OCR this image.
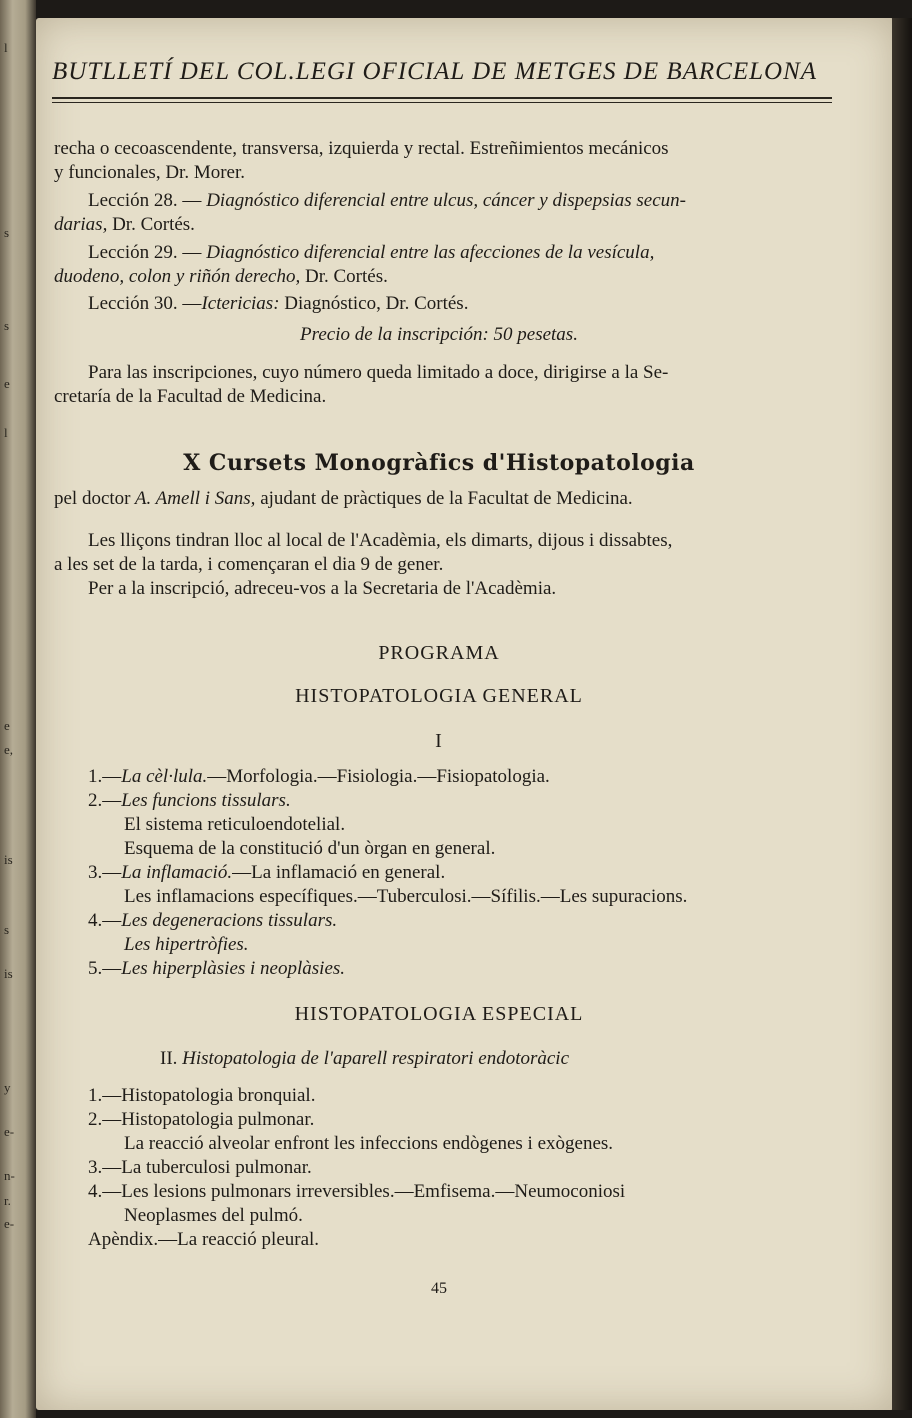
l
s
s
e
l
e
e,
is
s
is
y
e-
n-
r.
e-
BUTLLETÍ DEL COL.LEGI OFICIAL DE METGES DE BARCELONA
recha o cecoascendente, transversa, izquierda y rectal. Estreñimientos mecánicos
y funcionales, Dr. Morer.
Lección 28. — Diagnóstico diferencial entre ulcus, cáncer y dispepsias secun-
darias, Dr. Cortés.
Lección 29. — Diagnóstico diferencial entre las afecciones de la vesícula,
duodeno, colon y riñón derecho, Dr. Cortés.
Lección 30. —Ictericias: Diagnóstico, Dr. Cortés.
Precio de la inscripción: 50 pesetas.
Para las inscripciones, cuyo número queda limitado a doce, dirigirse a la Se-
cretaría de la Facultad de Medicina.
X Cursets Monogràfics d'Histopatologia
pel doctor A. Amell i Sans, ajudant de pràctiques de la Facultat de Medicina.
Les lliçons tindran lloc al local de l'Acadèmia, els dimarts, dijous i dissabtes,
a les set de la tarda, i començaran el dia 9 de gener.
Per a la inscripció, adreceu-vos a la Secretaria de l'Acadèmia.
PROGRAMA
HISTOPATOLOGIA GENERAL
I
1.—La cèl·lula.—Morfologia.—Fisiologia.—Fisiopatologia.
2.—Les funcions tissulars.
El sistema reticuloendotelial.
Esquema de la constitució d'un òrgan en general.
3.—La inflamació.—La inflamació en general.
Les inflamacions específiques.—Tuberculosi.—Sífilis.—Les supuracions.
4.—Les degeneracions tissulars.
Les hipertròfies.
5.—Les hiperplàsies i neoplàsies.
HISTOPATOLOGIA ESPECIAL
II. Histopatologia de l'aparell respiratori endotoràcic
1.—Histopatologia bronquial.
2.—Histopatologia pulmonar.
La reacció alveolar enfront les infeccions endògenes i exògenes.
3.—La tuberculosi pulmonar.
4.—Les lesions pulmonars irreversibles.—Emfisema.—Neumoconiosi
Neoplasmes del pulmó.
Apèndix.—La reacció pleural.
45
